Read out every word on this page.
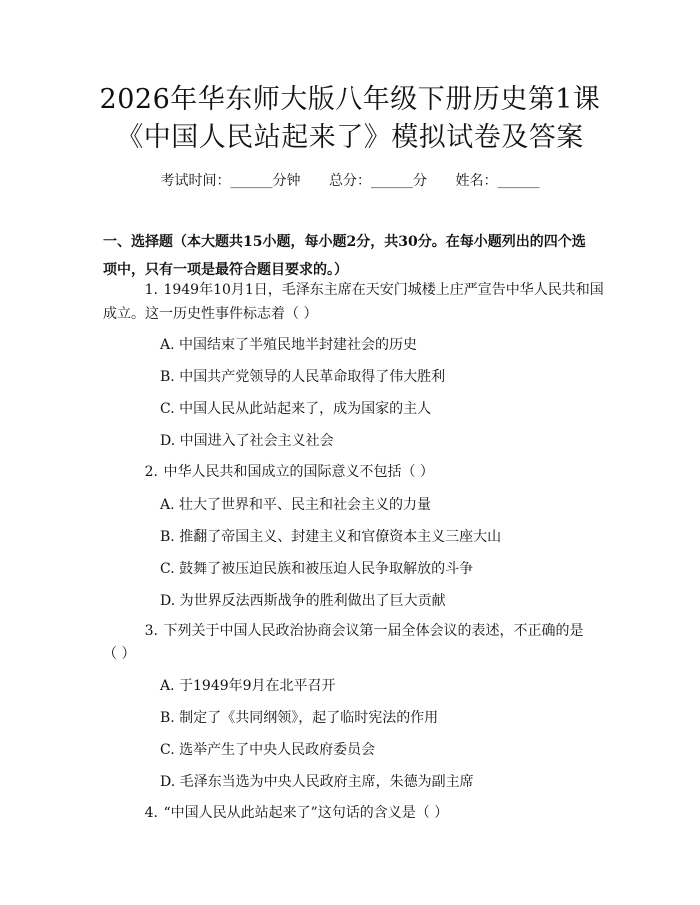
2026年华东师大版八年级下册历史第1课
《中国人民站起来了》模拟试卷及答案
考试时间：______分钟 总分：______分 姓名：______
一、选择题（本大题共15小题，每小题2分，共30分。在每小题列出的四个选
项中，只有一项是最符合题目要求的。）
1. 1949年10月1日，毛泽东主席在天安门城楼上庄严宣告中华人民共和国
成立。这一历史性事件标志着（ ）
A. 中国结束了半殖民地半封建社会的历史
B. 中国共产党领导的人民革命取得了伟大胜利
C. 中国人民从此站起来了，成为国家的主人
D. 中国进入了社会主义社会
2. 中华人民共和国成立的国际意义不包括（ ）
A. 壮大了世界和平、民主和社会主义的力量
B. 推翻了帝国主义、封建主义和官僚资本主义三座大山
C. 鼓舞了被压迫民族和被压迫人民争取解放的斗争
D. 为世界反法西斯战争的胜利做出了巨大贡献
3. 下列关于中国人民政治协商会议第一届全体会议的表述，不正确的是
（ ）
A. 于1949年9月在北平召开
B. 制定了《共同纲领》，起了临时宪法的作用
C. 选举产生了中央人民政府委员会
D. 毛泽东当选为中央人民政府主席，朱德为副主席
4. “中国人民从此站起来了”这句话的含义是（ ）
